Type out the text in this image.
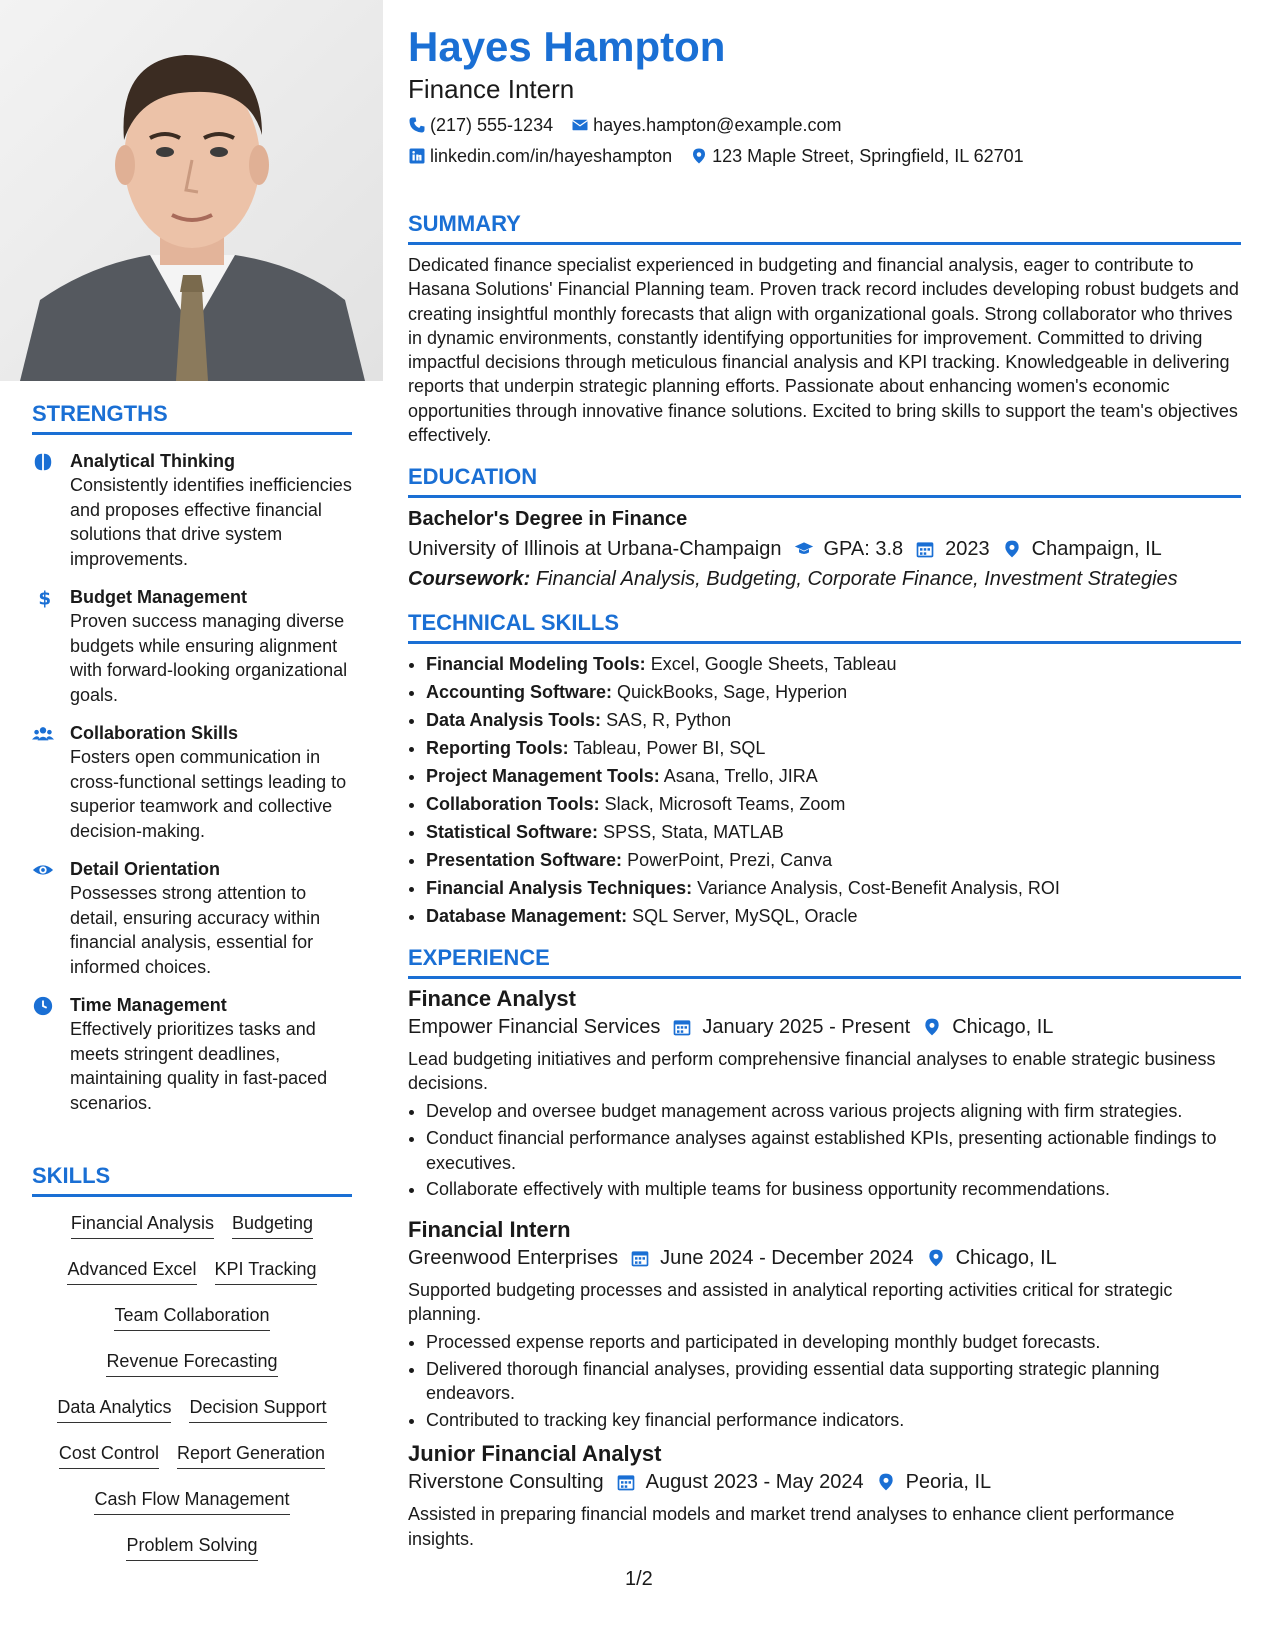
STRENGTHS
Analytical Thinking
Consistently identifies inefficiencies and proposes effective financial solutions that drive system improvements.
$ Budget Management
Proven success managing diverse budgets while ensuring alignment with forward-looking organizational goals.
Collaboration Skills
Fosters open communication in cross-functional settings leading to superior teamwork and collective decision-making.
Detail Orientation
Possesses strong attention to detail, ensuring accuracy within financial analysis, essential for informed choices.
Time Management
Effectively prioritizes tasks and meets stringent deadlines, maintaining quality in fast-paced scenarios.
SKILLS
Financial Analysis Budgeting
Advanced Excel KPI Tracking
Team Collaboration
Revenue Forecasting
Data Analytics Decision Support
Cost Control Report Generation
Cash Flow Management
Problem Solving
Hayes Hampton
Finance Intern
(217) 555-1234 hayes.hampton@example.com
linkedin.com/in/hayeshampton 123 Maple Street, Springfield, IL 62701
SUMMARY

Dedicated finance specialist experienced in budgeting and financial analysis, eager to contribute to Hasana Solutions' Financial Planning team. Proven track record includes developing robust budgets and creating insightful monthly forecasts that align with organizational goals. Strong collaborator who thrives in dynamic environments, constantly identifying opportunities for improvement. Committed to driving impactful decisions through meticulous financial analysis and KPI tracking. Knowledgeable in delivering reports that underpin strategic planning efforts. Passionate about enhancing women's economic opportunities through innovative finance solutions. Excited to bring skills to support the team's objectives effectively.

EDUCATION
Bachelor's Degree in Finance
University of Illinois at Urbana-Champaign GPA: 3.8 2023 Champaign, IL
Coursework: Financial Analysis, Budgeting, Corporate Finance, Investment Strategies
TECHNICAL SKILLS
• Financial Modeling Tools: Excel, Google Sheets, Tableau
• Accounting Software: QuickBooks, Sage, Hyperion
• Data Analysis Tools: SAS, R, Python
• Reporting Tools: Tableau, Power BI, SQL
• Project Management Tools: Asana, Trello, JIRA
• Collaboration Tools: Slack, Microsoft Teams, Zoom
• Statistical Software: SPSS, Stata, MATLAB
• Presentation Software: PowerPoint, Prezi, Canva
• Financial Analysis Techniques: Variance Analysis, Cost-Benefit Analysis, ROI
• Database Management: SQL Server, MySQL, Oracle
EXPERIENCE
Finance Analyst
Empower Financial Services January 2025 - Present Chicago, IL

Lead budgeting initiatives and perform comprehensive financial analyses to enable strategic business decisions.

• Develop and oversee budget management across various projects aligning with firm strategies.
• Conduct financial performance analyses against established KPIs, presenting actionable findings to executives.
• Collaborate effectively with multiple teams for business opportunity recommendations.
Financial Intern
Greenwood Enterprises June 2024 - December 2024 Chicago, IL

Supported budgeting processes and assisted in analytical reporting activities critical for strategic planning.

• Processed expense reports and participated in developing monthly budget forecasts.
• Delivered thorough financial analyses, providing essential data supporting strategic planning endeavors.
• Contributed to tracking key financial performance indicators.
Junior Financial Analyst
Riverstone Consulting August 2023 - May 2024 Peoria, IL

Assisted in preparing financial models and market trend analyses to enhance client performance insights.

1/2
